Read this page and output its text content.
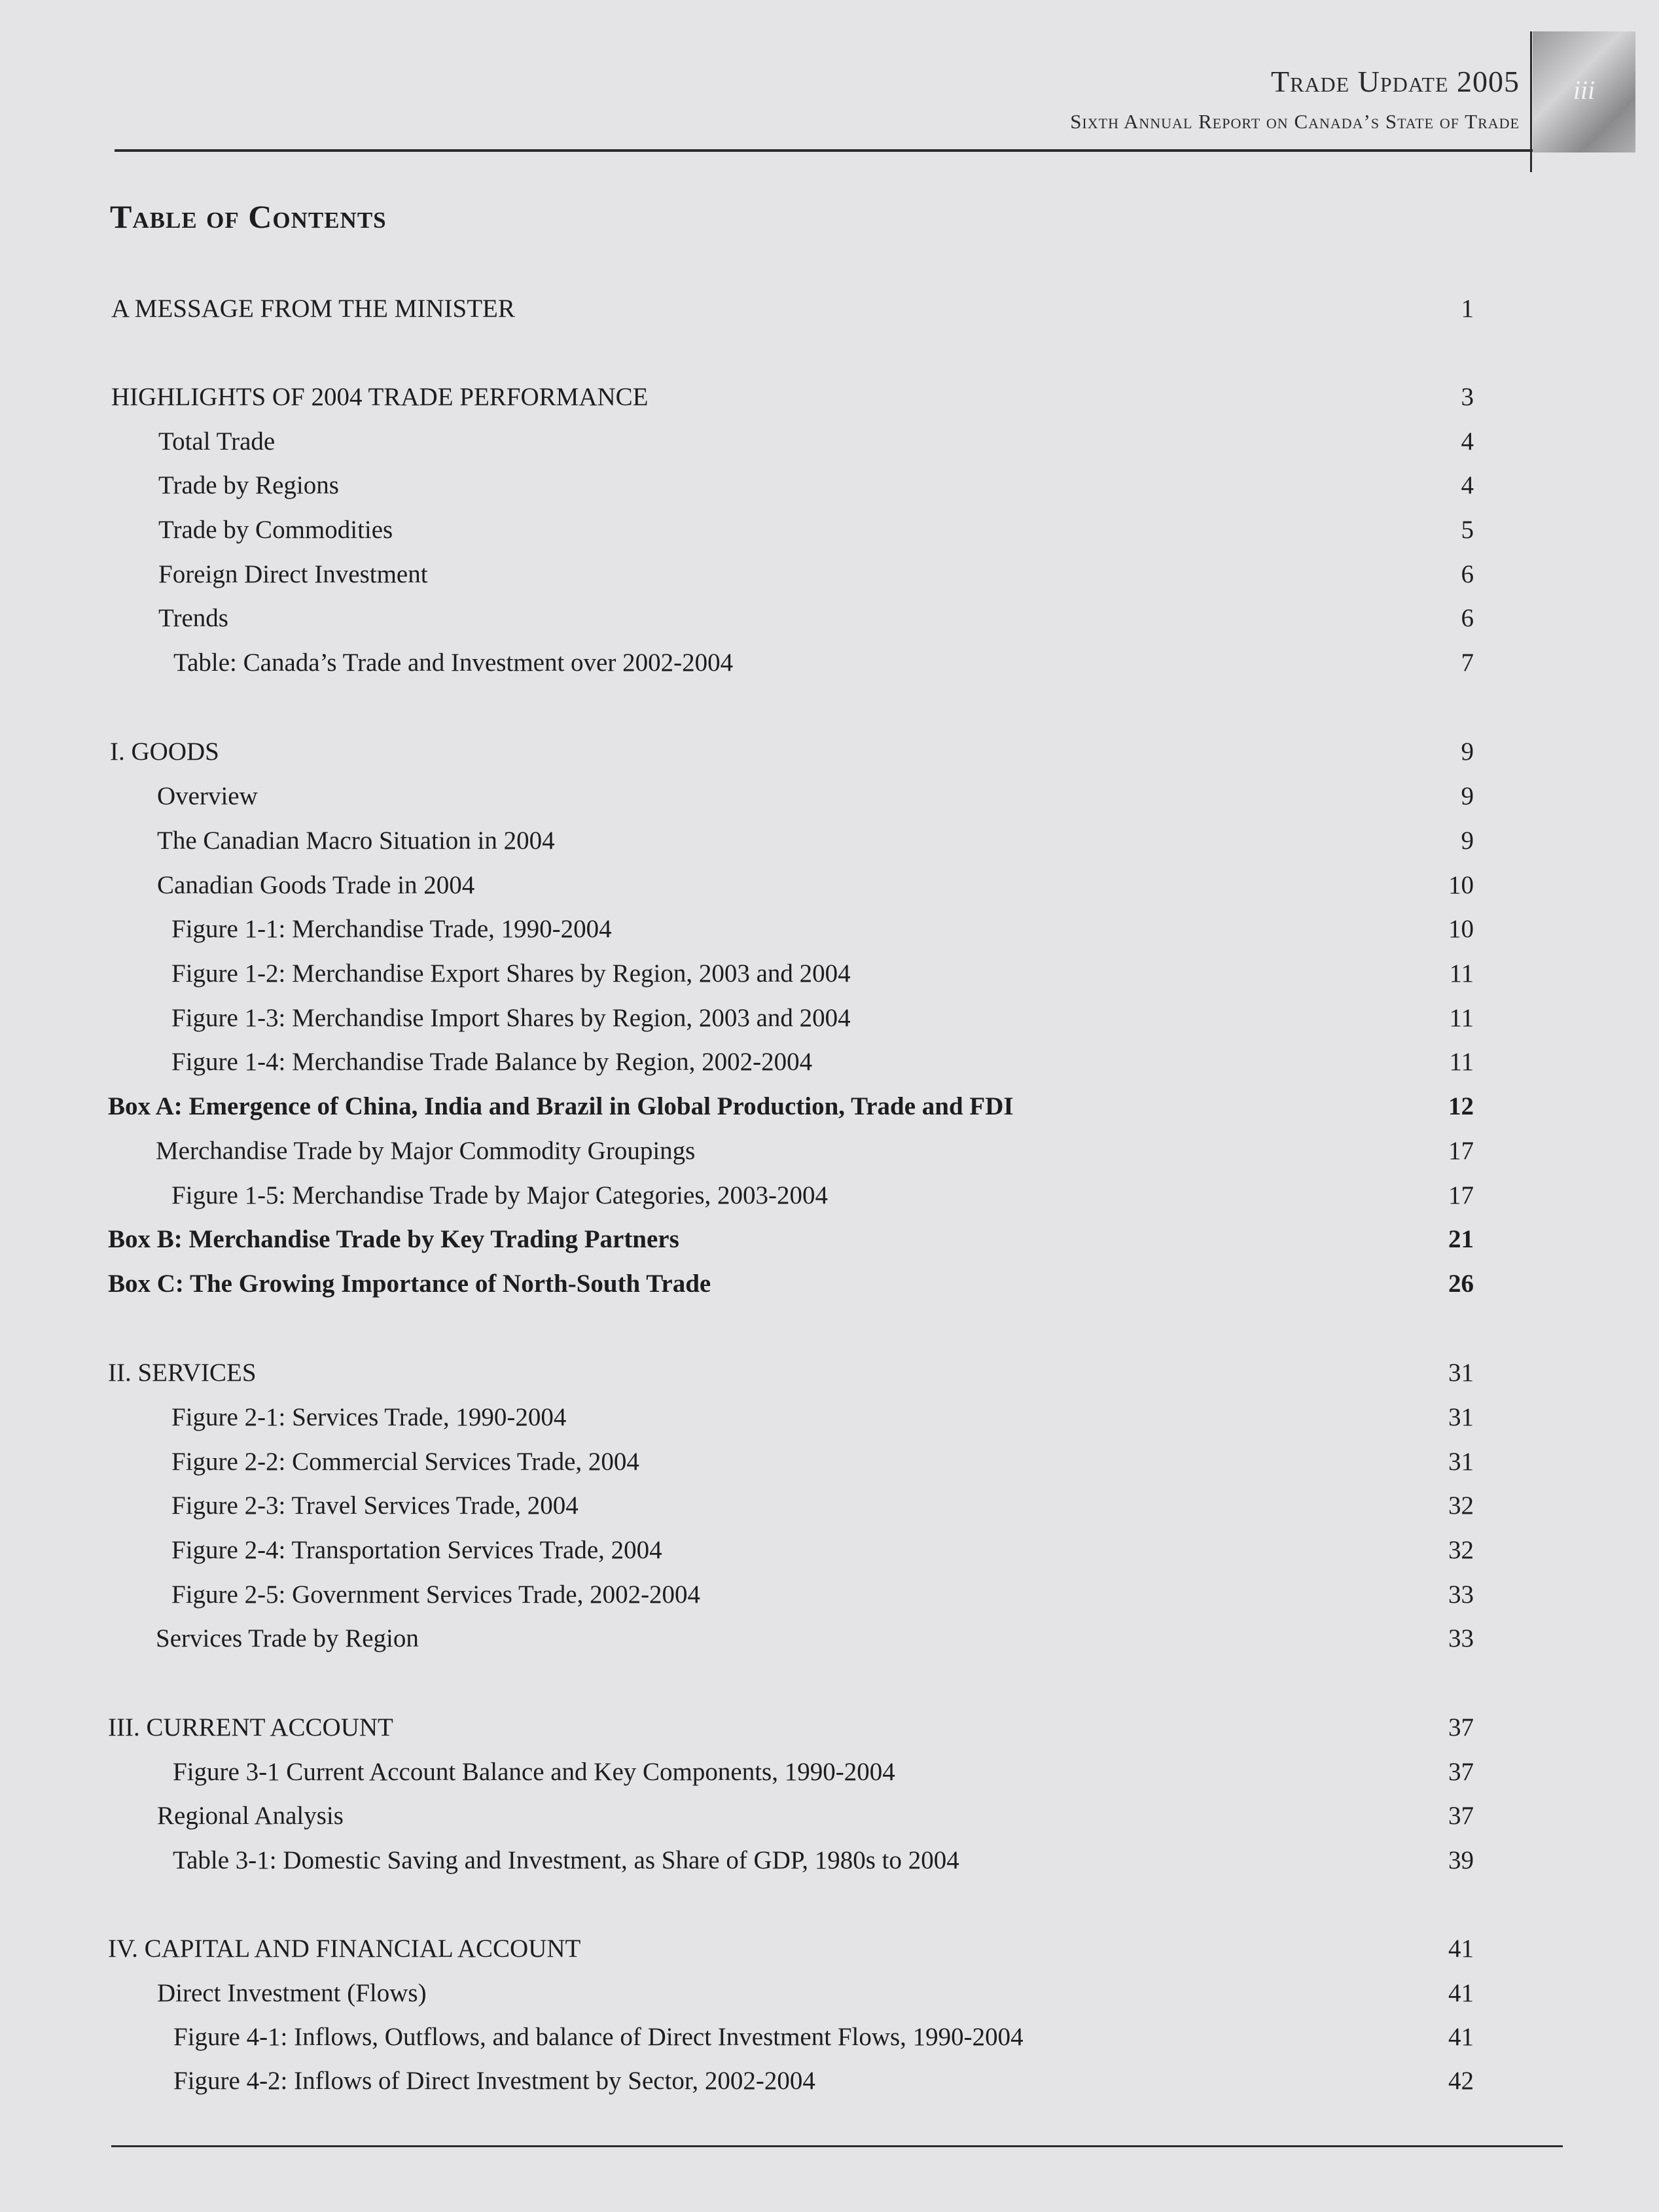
Trade Update 2005
Sixth Annual Report on Canada’s State of Trade
iii
Table of Contents
A MESSAGE FROM THE MINISTER	1
HIGHLIGHTS OF 2004 TRADE PERFORMANCE	3
Total Trade	4
Trade by Regions	4
Trade by Commodities	5
Foreign Direct Investment	6
Trends	6
Table: Canada’s Trade and Investment over 2002-2004	7
I. GOODS	9
Overview	9
The Canadian Macro Situation in 2004	9
Canadian Goods Trade in 2004	10
Figure 1-1: Merchandise Trade, 1990-2004	10
Figure 1-2: Merchandise Export Shares by Region, 2003 and 2004	11
Figure 1-3: Merchandise Import Shares by Region, 2003 and 2004	11
Figure 1-4: Merchandise Trade Balance by Region, 2002-2004	11
Box A: Emergence of China, India and Brazil in Global Production, Trade and FDI	12
Merchandise Trade by Major Commodity Groupings	17
Figure 1-5: Merchandise Trade by Major Categories, 2003-2004	17
Box B: Merchandise Trade by Key Trading Partners	21
Box C: The Growing Importance of North-South Trade	26
II. SERVICES	31
Figure 2-1: Services Trade, 1990-2004	31
Figure 2-2: Commercial Services Trade, 2004	31
Figure 2-3: Travel Services Trade, 2004	32
Figure 2-4: Transportation Services Trade, 2004	32
Figure 2-5: Government Services Trade, 2002-2004	33
Services Trade by Region	33
III. CURRENT ACCOUNT	37
Figure 3-1 Current Account Balance and Key Components, 1990-2004	37
Regional Analysis	37
Table 3-1: Domestic Saving and Investment, as Share of GDP, 1980s to 2004	39
IV. CAPITAL AND FINANCIAL ACCOUNT	41
Direct Investment (Flows)	41
Figure 4-1: Inflows, Outflows, and balance of Direct Investment Flows, 1990-2004	41
Figure 4-2: Inflows of Direct Investment by Sector, 2002-2004	42
